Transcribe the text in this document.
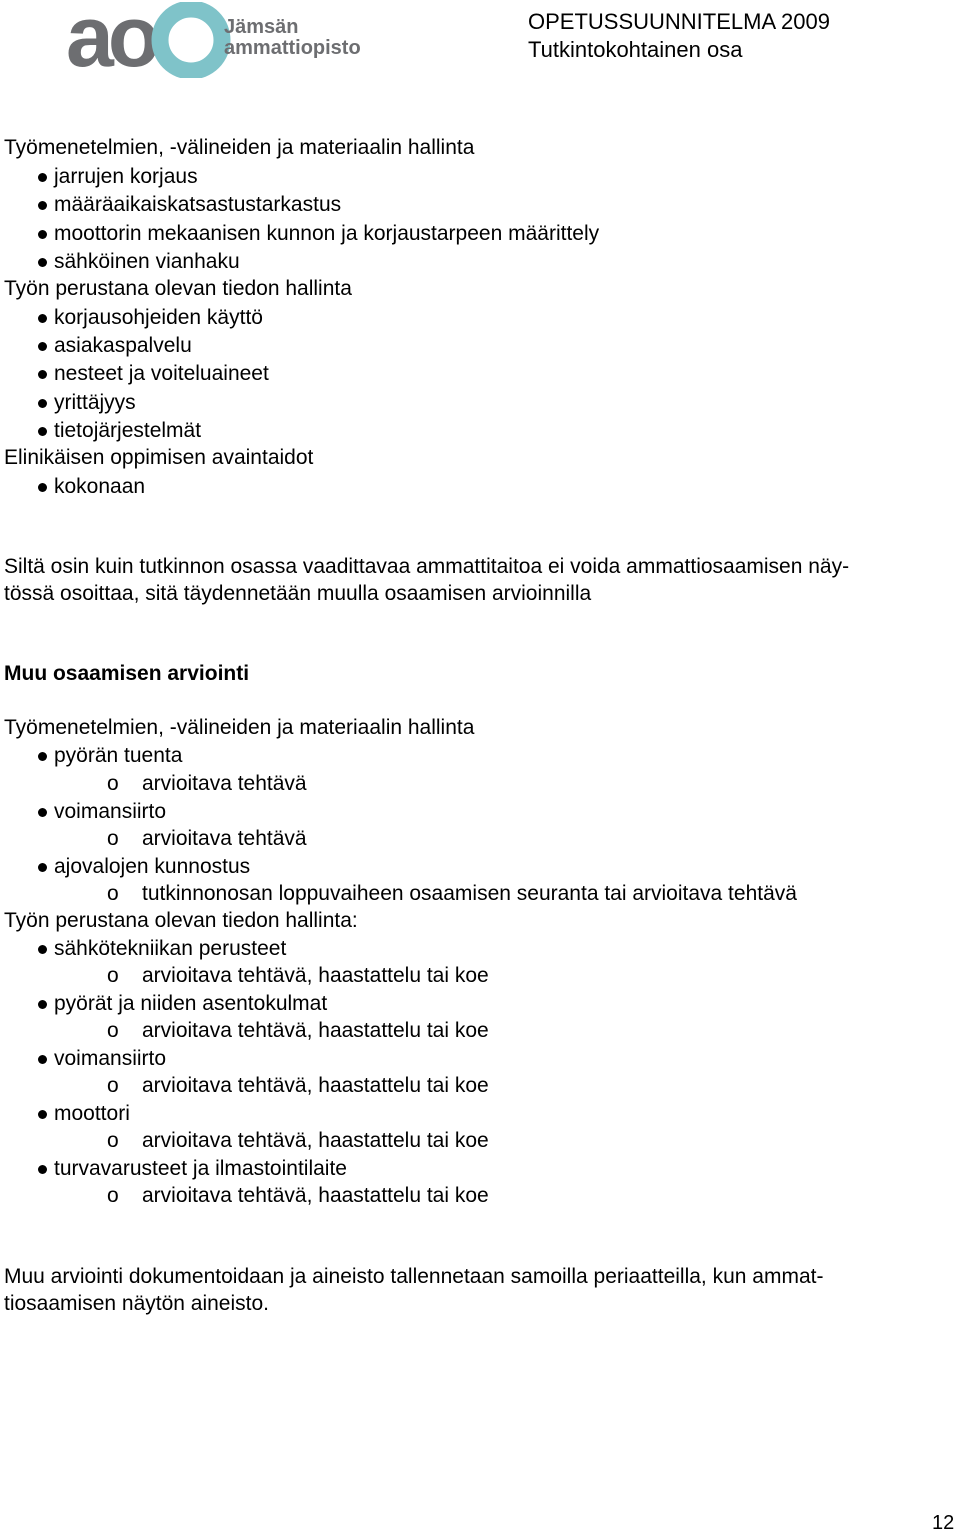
ao	Jämsän
ammattiopisto
OPETUSSUUNNITELMA 2009
Tutkintokohtainen osa
Työmenetelmien, -välineiden ja materiaalin hallinta
jarrujen korjaus
määräaikaiskatsastustarkastus
moottorin mekaanisen kunnon ja korjaustarpeen määrittely
sähköinen vianhaku
Työn perustana olevan tiedon hallinta
korjausohjeiden käyttö
asiakaspalvelu
nesteet ja voiteluaineet
yrittäjyys
tietojärjestelmät
Elinikäisen oppimisen avaintaidot
kokonaan
Siltä osin kuin tutkinnon osassa vaadittavaa ammattitaitoa ei voida ammattiosaamisen näy-
tössä osoittaa, sitä täydennetään muulla osaamisen arvioinnilla
Muu osaamisen arviointi
Työmenetelmien, -välineiden ja materiaalin hallinta
pyörän tuenta
o arvioitava tehtävä
voimansiirto
o arvioitava tehtävä
ajovalojen kunnostus
o tutkinnonosan loppuvaiheen osaamisen seuranta tai arvioitava tehtävä
Työn perustana olevan tiedon hallinta:
sähkötekniikan perusteet
o arvioitava tehtävä, haastattelu tai koe
pyörät ja niiden asentokulmat
o arvioitava tehtävä, haastattelu tai koe
voimansiirto
o arvioitava tehtävä, haastattelu tai koe
moottori
o arvioitava tehtävä, haastattelu tai koe
turvavarusteet ja ilmastointilaite
o arvioitava tehtävä, haastattelu tai koe
Muu arviointi dokumentoidaan ja aineisto tallennetaan samoilla periaatteilla, kun ammat-
tiosaamisen näytön aineisto.
12
